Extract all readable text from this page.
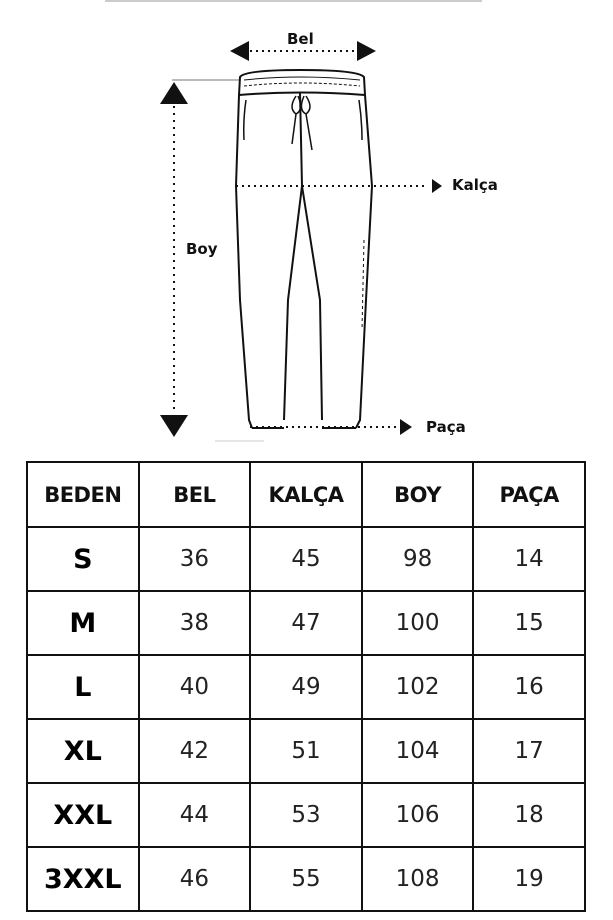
Bel
Kalça
Boy
Paça
BEDEN	BEL	KALÇA	BOY	PAÇA
S	36	45	98	14
M	38	47	100	15
L	40	49	102	16
XL	42	51	104	17
XXL	44	53	106	18
3XXL	46	55	108	19
